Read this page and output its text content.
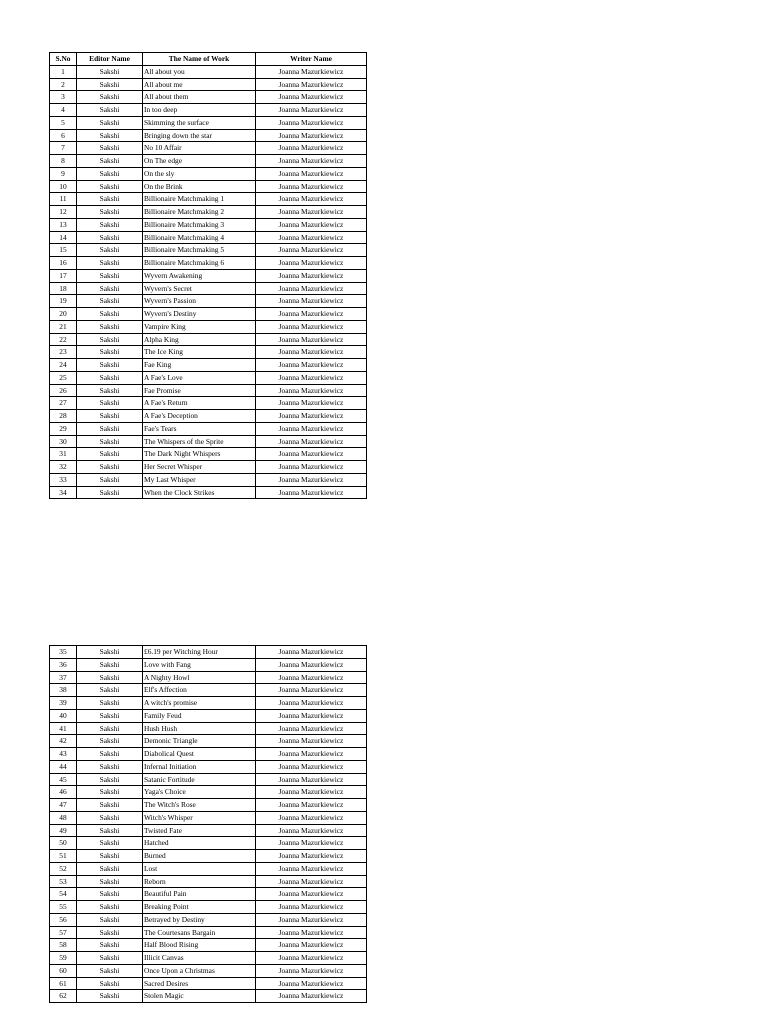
S.No	Editor Name	The Name of Work	Writer Name
1	Sakshi	All about you	Joanna Mazurkiewicz
2	Sakshi	All about me	Joanna Mazurkiewicz
3	Sakshi	All about them	Joanna Mazurkiewicz
4	Sakshi	In too deep	Joanna Mazurkiewicz
5	Sakshi	Skimming the surface	Joanna Mazurkiewicz
6	Sakshi	Bringing down the star	Joanna Mazurkiewicz
7	Sakshi	No 10 Affair	Joanna Mazurkiewicz
8	Sakshi	On The edge	Joanna Mazurkiewicz
9	Sakshi	On the sly	Joanna Mazurkiewicz
10	Sakshi	On the Brink	Joanna Mazurkiewicz
11	Sakshi	Billionaire Matchmaking 1	Joanna Mazurkiewicz
12	Sakshi	Billionaire Matchmaking 2	Joanna Mazurkiewicz
13	Sakshi	Billionaire Matchmaking 3	Joanna Mazurkiewicz
14	Sakshi	Billionaire Matchmaking 4	Joanna Mazurkiewicz
15	Sakshi	Billionaire Matchmaking 5	Joanna Mazurkiewicz
16	Sakshi	Billionaire Matchmaking 6	Joanna Mazurkiewicz
17	Sakshi	Wyvern Awakening	Joanna Mazurkiewicz
18	Sakshi	Wyvern's Secret	Joanna Mazurkiewicz
19	Sakshi	Wyvern's Passion	Joanna Mazurkiewicz
20	Sakshi	Wyvern's Destiny	Joanna Mazurkiewicz
21	Sakshi	Vampire King	Joanna Mazurkiewicz
22	Sakshi	Alpha King	Joanna Mazurkiewicz
23	Sakshi	The Ice King	Joanna Mazurkiewicz
24	Sakshi	Fae King	Joanna Mazurkiewicz
25	Sakshi	A Fae's Love	Joanna Mazurkiewicz
26	Sakshi	Fae Promise	Joanna Mazurkiewicz
27	Sakshi	A Fae's Return	Joanna Mazurkiewicz
28	Sakshi	A Fae's Deception	Joanna Mazurkiewicz
29	Sakshi	Fae's Tears	Joanna Mazurkiewicz
30	Sakshi	The Whispers of the Sprite	Joanna Mazurkiewicz
31	Sakshi	The Dark Night Whispers	Joanna Mazurkiewicz
32	Sakshi	Her Secret Whisper	Joanna Mazurkiewicz
33	Sakshi	My Last Whisper	Joanna Mazurkiewicz
34	Sakshi	When the Clock Strikes	Joanna Mazurkiewicz
35	Sakshi	£6.19 per Witching Hour	Joanna Mazurkiewicz
36	Sakshi	Love with Fang	Joanna Mazurkiewicz
37	Sakshi	A Nighty Howl	Joanna Mazurkiewicz
38	Sakshi	Elf's Affection	Joanna Mazurkiewicz
39	Sakshi	A witch's promise	Joanna Mazurkiewicz
40	Sakshi	Family Feud	Joanna Mazurkiewicz
41	Sakshi	Hush Hush	Joanna Mazurkiewicz
42	Sakshi	Demonic Triangle	Joanna Mazurkiewicz
43	Sakshi	Diabolical Quest	Joanna Mazurkiewicz
44	Sakshi	Infernal Initiation	Joanna Mazurkiewicz
45	Sakshi	Satanic Fortitude	Joanna Mazurkiewicz
46	Sakshi	Yaga's Choice	Joanna Mazurkiewicz
47	Sakshi	The Witch's Rose	Joanna Mazurkiewicz
48	Sakshi	Witch's Whisper	Joanna Mazurkiewicz
49	Sakshi	Twisted Fate	Joanna Mazurkiewicz
50	Sakshi	Hatched	Joanna Mazurkiewicz
51	Sakshi	Burned	Joanna Mazurkiewicz
52	Sakshi	Lost	Joanna Mazurkiewicz
53	Sakshi	Reborn	Joanna Mazurkiewicz
54	Sakshi	Beautiful Pain	Joanna Mazurkiewicz
55	Sakshi	Breaking Point	Joanna Mazurkiewicz
56	Sakshi	Betrayed by Destiny	Joanna Mazurkiewicz
57	Sakshi	The Courtesans Bargain	Joanna Mazurkiewicz
58	Sakshi	Half Blood Rising	Joanna Mazurkiewicz
59	Sakshi	Illicit Canvas	Joanna Mazurkiewicz
60	Sakshi	Once Upon a Christmas	Joanna Mazurkiewicz
61	Sakshi	Sacred Desires	Joanna Mazurkiewicz
62	Sakshi	Stolen Magic	Joanna Mazurkiewicz
